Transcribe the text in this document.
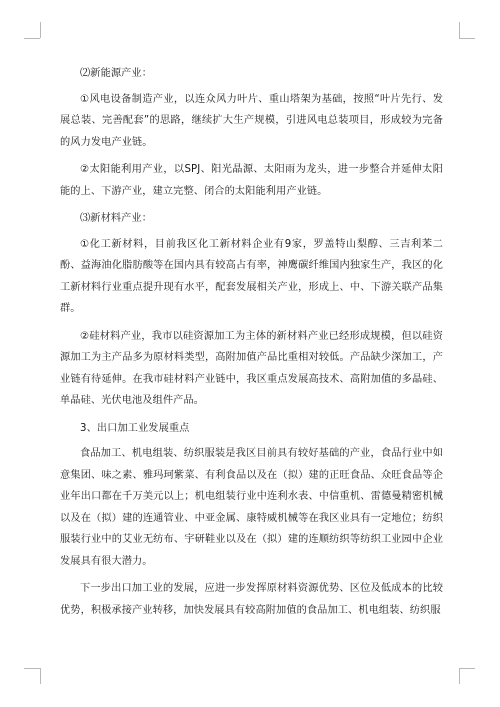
⑵新能源产业：

①风电设备制造产业，以连众风力叶片、重山塔架为基础，按照“叶片先行、发展总装、完善配套”的思路，继续扩大生产规模，引进风电总装项目，形成较为完备的风力发电产业链。

②太阳能利用产业，以SPJ、阳光晶源、太阳雨为龙头，进一步整合并延伸太阳能的上、下游产业，建立完整、闭合的太阳能利用产业链。

⑶新材料产业：

①化工新材料，目前我区化工新材料企业有9家，罗盖特山梨醇、三吉利苯二酚、益海油化脂肪酸等在国内具有较高占有率，神鹰碳纤维国内独家生产，我区的化工新材料行业重点提升现有水平，配套发展相关产业，形成上、中、下游关联产品集群。

②硅材料产业，我市以硅资源加工为主体的新材料产业已经形成规模，但以硅资源加工为主产品多为原材料类型，高附加值产品比重相对较低。产品缺少深加工，产业链有待延伸。在我市硅材料产业链中，我区重点发展高技术、高附加值的多晶硅、单晶硅、光伏电池及组件产品。

3、出口加工业发展重点

食品加工、机电组装、纺织服装是我区目前具有较好基础的产业，食品行业中如意集团、味之素、雅玛珂紫菜、有利食品以及在（拟）建的正旺食品、众旺食品等企业年出口都在千万美元以上；机电组装行业中连利水表、中信重机、雷德曼精密机械以及在（拟）建的连通管业、中亚金属、康特威机械等在我区业具有一定地位；纺织服装行业中的艾业无纺布、宇研鞋业以及在（拟）建的连顺纺织等纺织工业园中企业发展具有很大潜力。

下一步出口加工业的发展，应进一步发挥原材料资源优势、区位及低成本的比较优势，积极承接产业转移，加快发展具有较高附加值的食品加工、机电组装、纺织服
